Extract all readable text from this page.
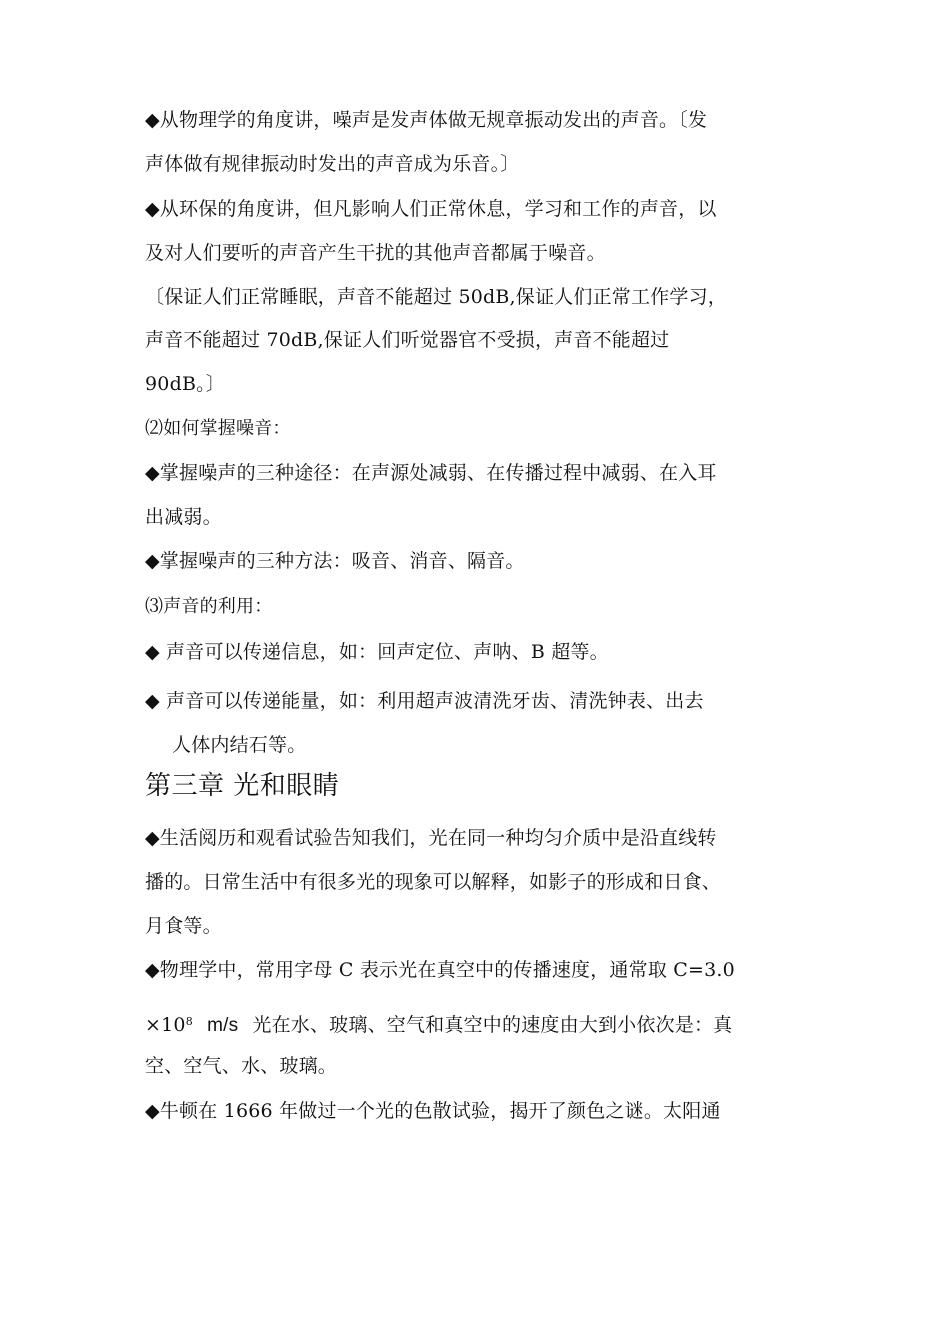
◆从物理学的角度讲，噪声是发声体做无规章振动发出的声音。〔发
声体做有规律振动时发出的声音成为乐音。〕
◆从环保的角度讲，但凡影响人们正常休息，学习和工作的声音，以
及对人们要听的声音产生干扰的其他声音都属于噪音。
〔保证人们正常睡眠，声音不能超过 50dB,保证人们正常工作学习，
声音不能超过 70dB,保证人们听觉器官不受损，声音不能超过
90dB。〕
⑵如何掌握噪音：
◆掌握噪声的三种途径：在声源处减弱、在传播过程中减弱、在入耳
出减弱。
◆掌握噪声的三种方法：吸音、消音、隔音。
⑶声音的利用：
◆ 声音可以传递信息，如：回声定位、声呐、B 超等。
◆ 声音可以传递能量，如：利用超声波清洗牙齿、清洗钟表、出去
人体内结石等。
第三章 光和眼睛
◆生活阅历和观看试验告知我们，光在同一种均匀介质中是沿直线转
播的。日常生活中有很多光的现象可以解释，如影子的形成和日食、
月食等。
◆物理学中，常用字母 C 表示光在真空中的传播速度，通常取 C=3.0
$\times 10^8$ m/s 光在水、玻璃、空气和真空中的速度由大到小依次是：真
空、空气、水、玻璃。
◆牛顿在 1666 年做过一个光的色散试验，揭开了颜色之谜。太阳通
